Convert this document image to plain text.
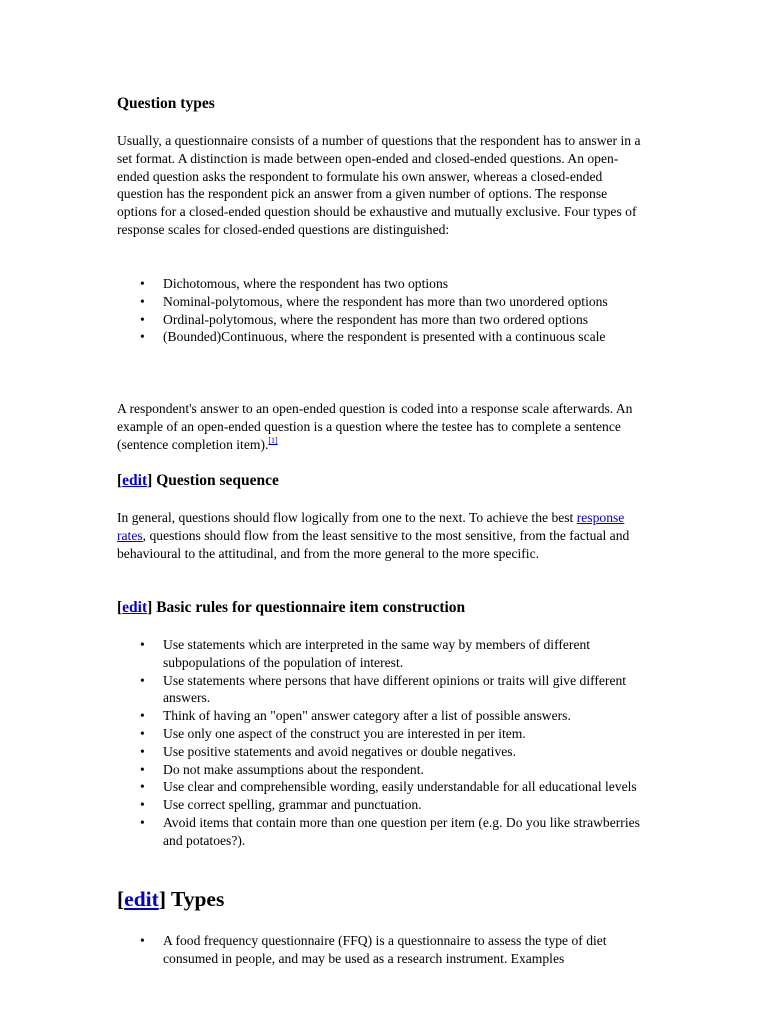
Question types

Usually, a questionnaire consists of a number of questions that the respondent has to answer in a set format. A distinction is made between open-ended and closed-ended questions. An open-ended question asks the respondent to formulate his own answer, whereas a closed-ended question has the respondent pick an answer from a given number of options. The response options for a closed-ended question should be exhaustive and mutually exclusive. Four types of response scales for closed-ended questions are distinguished:

• Dichotomous, where the respondent has two options
• Nominal-polytomous, where the respondent has more than two unordered options
• Ordinal-polytomous, where the respondent has more than two ordered options
• (Bounded)Continuous, where the respondent is presented with a continuous scale

A respondent's answer to an open-ended question is coded into a response scale afterwards. An example of an open-ended question is a question where the testee has to complete a sentence (sentence completion item).[1]

[edit] Question sequence

In general, questions should flow logically from one to the next. To achieve the best response rates, questions should flow from the least sensitive to the most sensitive, from the factual and behavioural to the attitudinal, and from the more general to the more specific.

[edit] Basic rules for questionnaire item construction
• Use statements which are interpreted in the same way by members of different subpopulations of the population of interest.
• Use statements where persons that have different opinions or traits will give different answers.
• Think of having an "open" answer category after a list of possible answers.
• Use only one aspect of the construct you are interested in per item.
• Use positive statements and avoid negatives or double negatives.
• Do not make assumptions about the respondent.
• Use clear and comprehensible wording, easily understandable for all educational levels
• Use correct spelling, grammar and punctuation.
• Avoid items that contain more than one question per item (e.g. Do you like strawberries and potatoes?).
[edit] Types
• A food frequency questionnaire (FFQ) is a questionnaire to assess the type of diet consumed in people, and may be used as a research instrument. Examples
